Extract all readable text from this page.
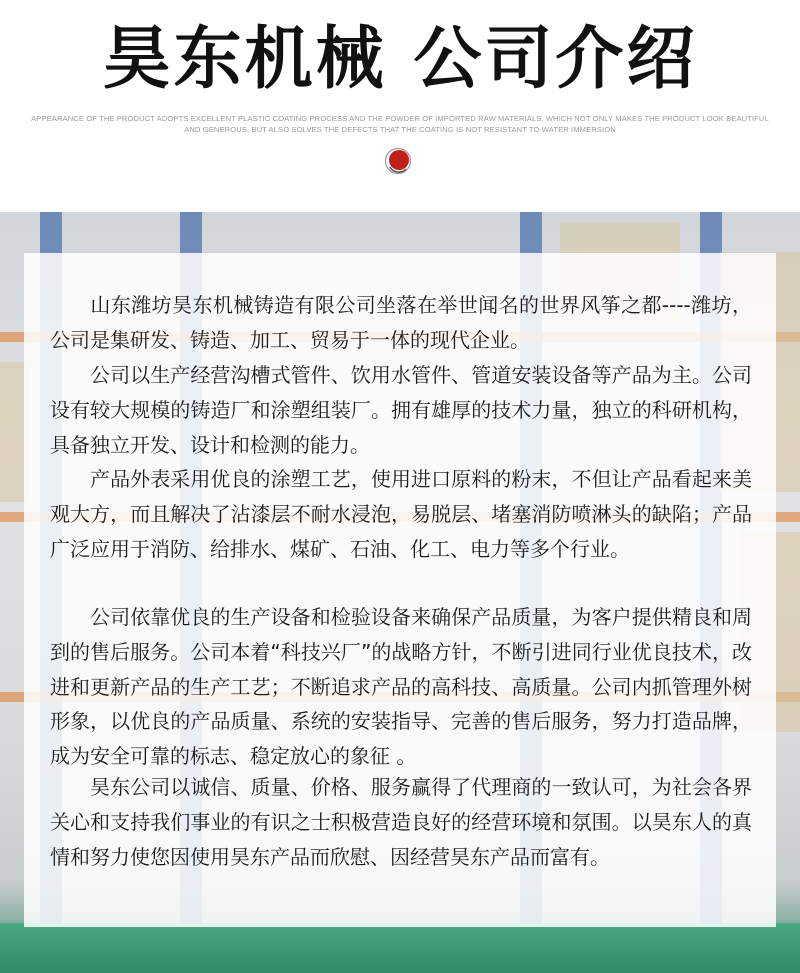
昊东机械 公司介绍
APPEARANCE OF THE PRODUCT ADOPTS EXCELLENT PLASTIC COATING PROCESS AND THE POWDER OF IMPORTED RAW MATERIALS, WHICH NOT ONLY MAKES THE PRODUCT LOOK BEAUTIFUL
AND GENEROUS, BUT ALSO SOLVES THE DEFECTS THAT THE COATING IS NOT RESISTANT TO WATER IMMERSION

山东潍坊昊东机械铸造有限公司坐落在举世闻名的世界风筝之都----潍坊，公司是集研发、铸造、加工、贸易于一体的现代企业。

公司以生产经营沟槽式管件、饮用水管件、管道安装设备等产品为主。公司设有较大规模的铸造厂和涂塑组装厂。拥有雄厚的技术力量，独立的科研机构，具备独立开发、设计和检测的能力。

产品外表采用优良的涂塑工艺，使用进口原料的粉末，不但让产品看起来美观大方，而且解决了沾漆层不耐水浸泡，易脱层、堵塞消防喷淋头的缺陷；产品广泛应用于消防、给排水、煤矿、石油、化工、电力等多个行业。

公司依靠优良的生产设备和检验设备来确保产品质量，为客户提供精良和周到的售后服务。公司本着“科技兴厂”的战略方针，不断引进同行业优良技术，改进和更新产品的生产工艺；不断追求产品的高科技、高质量。公司内抓管理外树形象，以优良的产品质量、系统的安装指导、完善的售后服务，努力打造品牌，成为安全可靠的标志、稳定放心的象征 。

昊东公司以诚信、质量、价格、服务赢得了代理商的一致认可，为社会各界关心和支持我们事业的有识之士积极营造良好的经营环境和氛围。以昊东人的真情和努力使您因使用昊东产品而欣慰、因经营昊东产品而富有。
